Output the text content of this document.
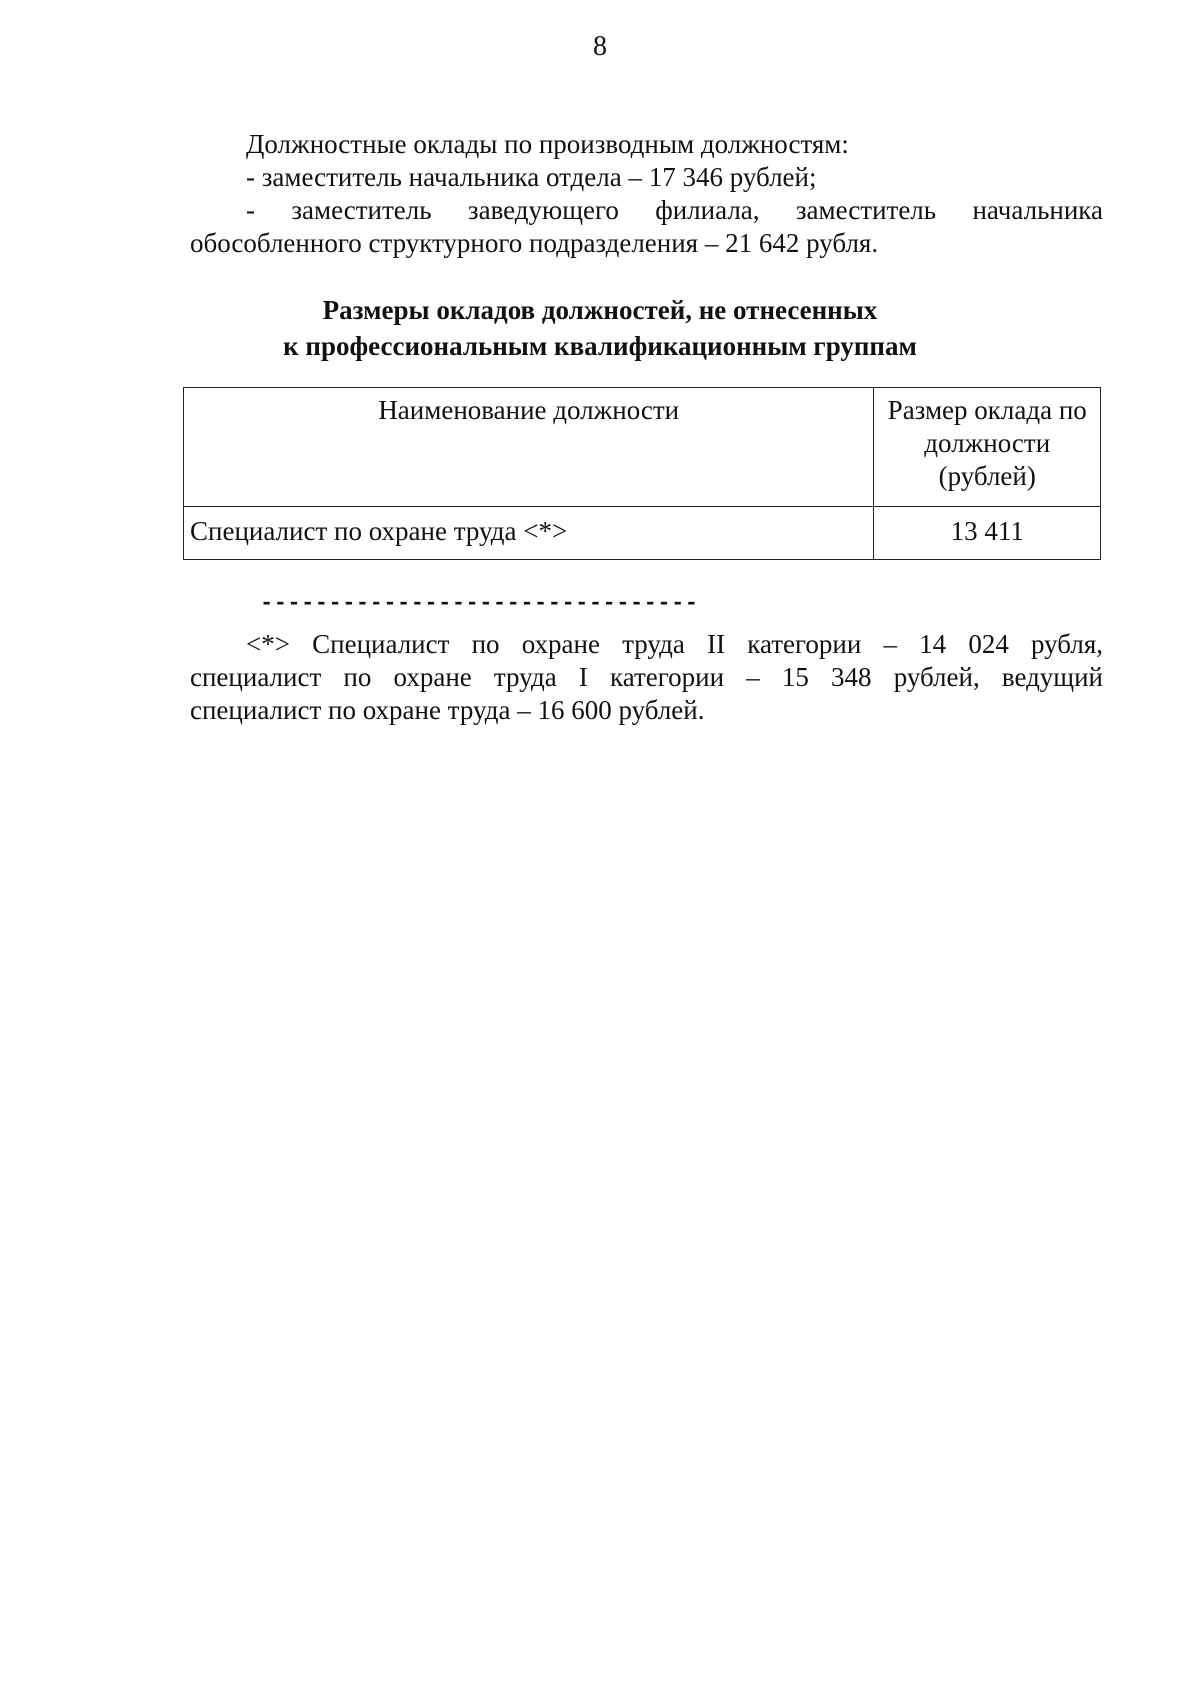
8
Должностные оклады по производным должностям:
- заместитель начальника отдела – 17 346 рублей;
- заместитель заведующего филиала, заместитель начальника
обособленного структурного подразделения – 21 642 рубля.
Размеры окладов должностей, не отнесенных
к профессиональным квалификационным группам
Наименование должности	Размер оклада по
должности
(рублей)

Специалист по охране труда <*>	13 411
--------------------------------
<*> Специалист по охране труда II категории – 14 024 рубля,
специалист по охране труда I категории – 15 348 рублей, ведущий
специалист по охране труда – 16 600 рублей.
